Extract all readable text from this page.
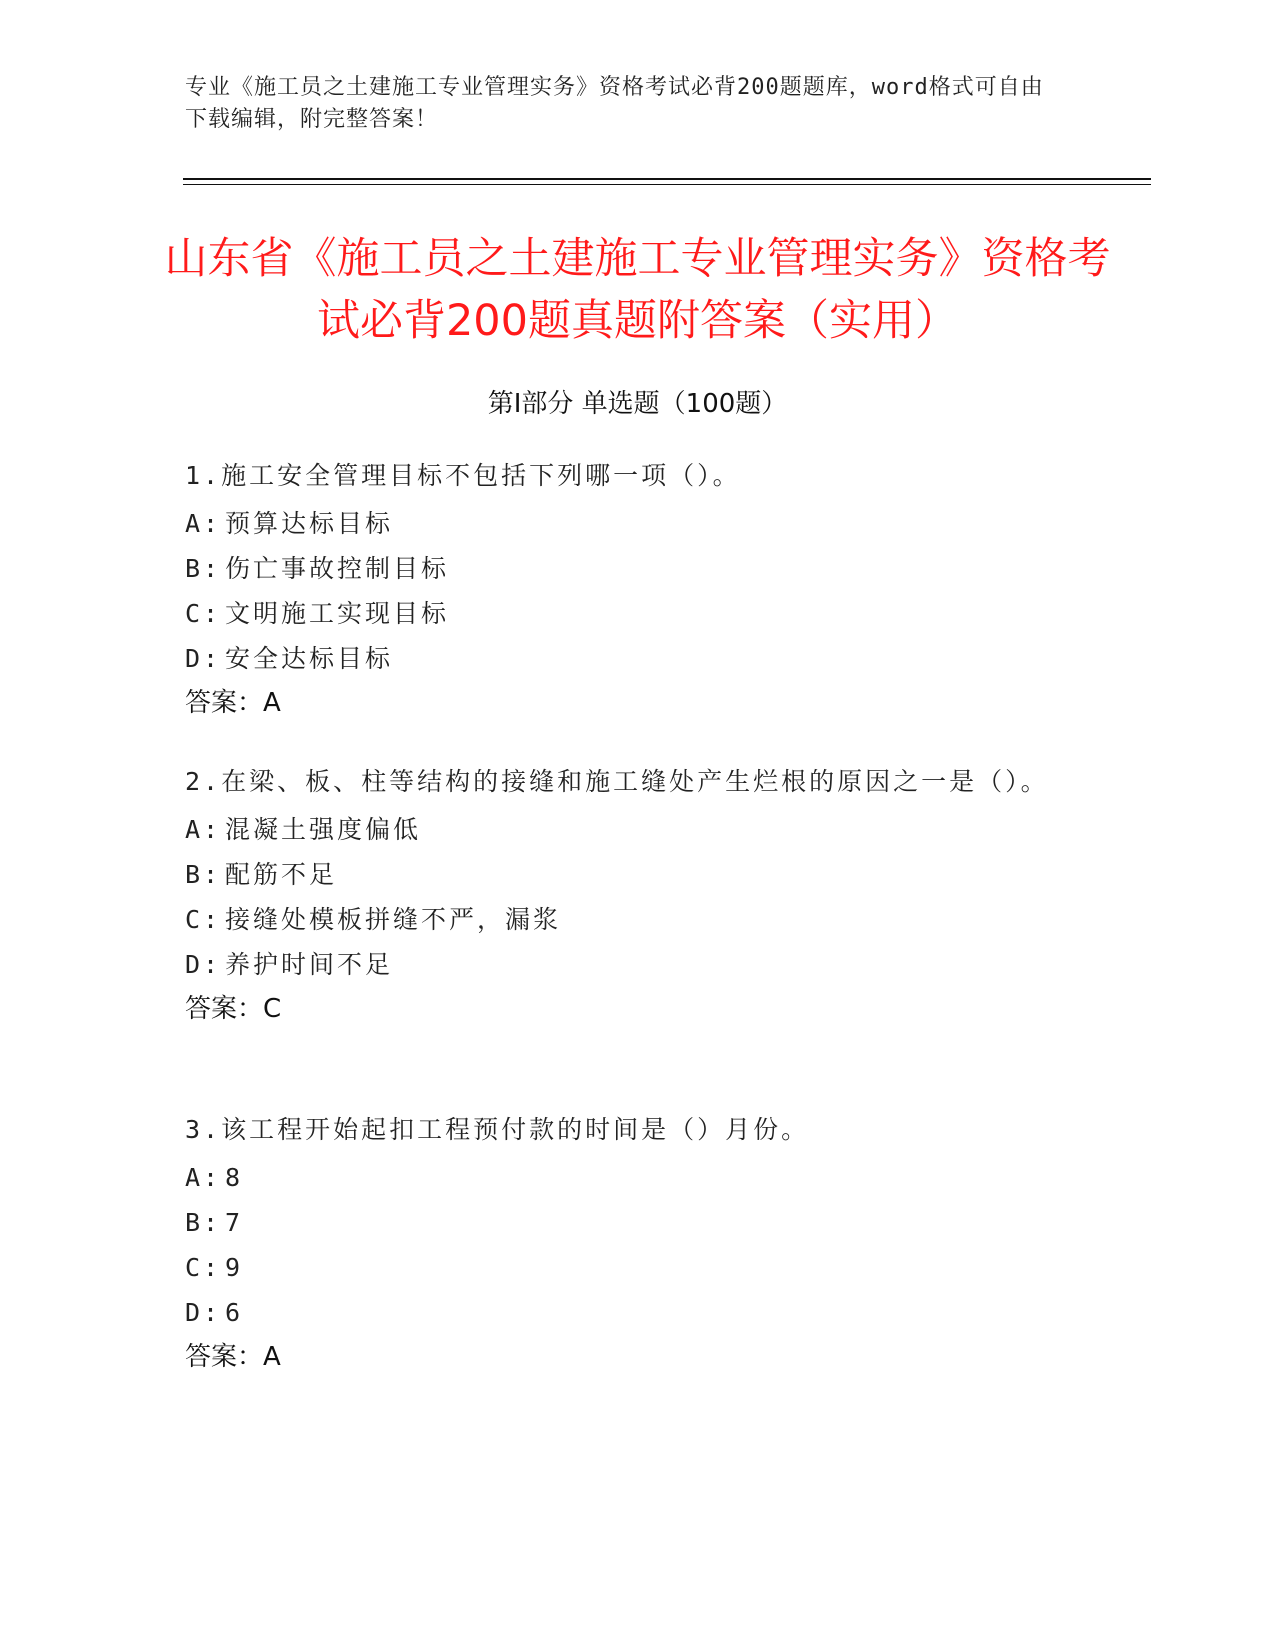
专业《施工员之土建施工专业管理实务》资格考试必背200题题库，word格式可自由下载编辑，附完整答案！
山东省《施工员之土建施工专业管理实务》资格考试必背200题真题附答案（实用）
第Ⅰ部分 单选题（100题）
1.施工安全管理目标不包括下列哪一项（）。
A: 预算达标目标
B: 伤亡事故控制目标
C: 文明施工实现目标
D: 安全达标目标
答案：A
2.在梁、板、柱等结构的接缝和施工缝处产生烂根的原因之一是（）。
A: 混凝土强度偏低
B: 配筋不足
C: 接缝处模板拼缝不严，漏浆
D: 养护时间不足
答案：C
3.该工程开始起扣工程预付款的时间是（）月份。
A: 8
B: 7
C: 9
D: 6
答案：A
